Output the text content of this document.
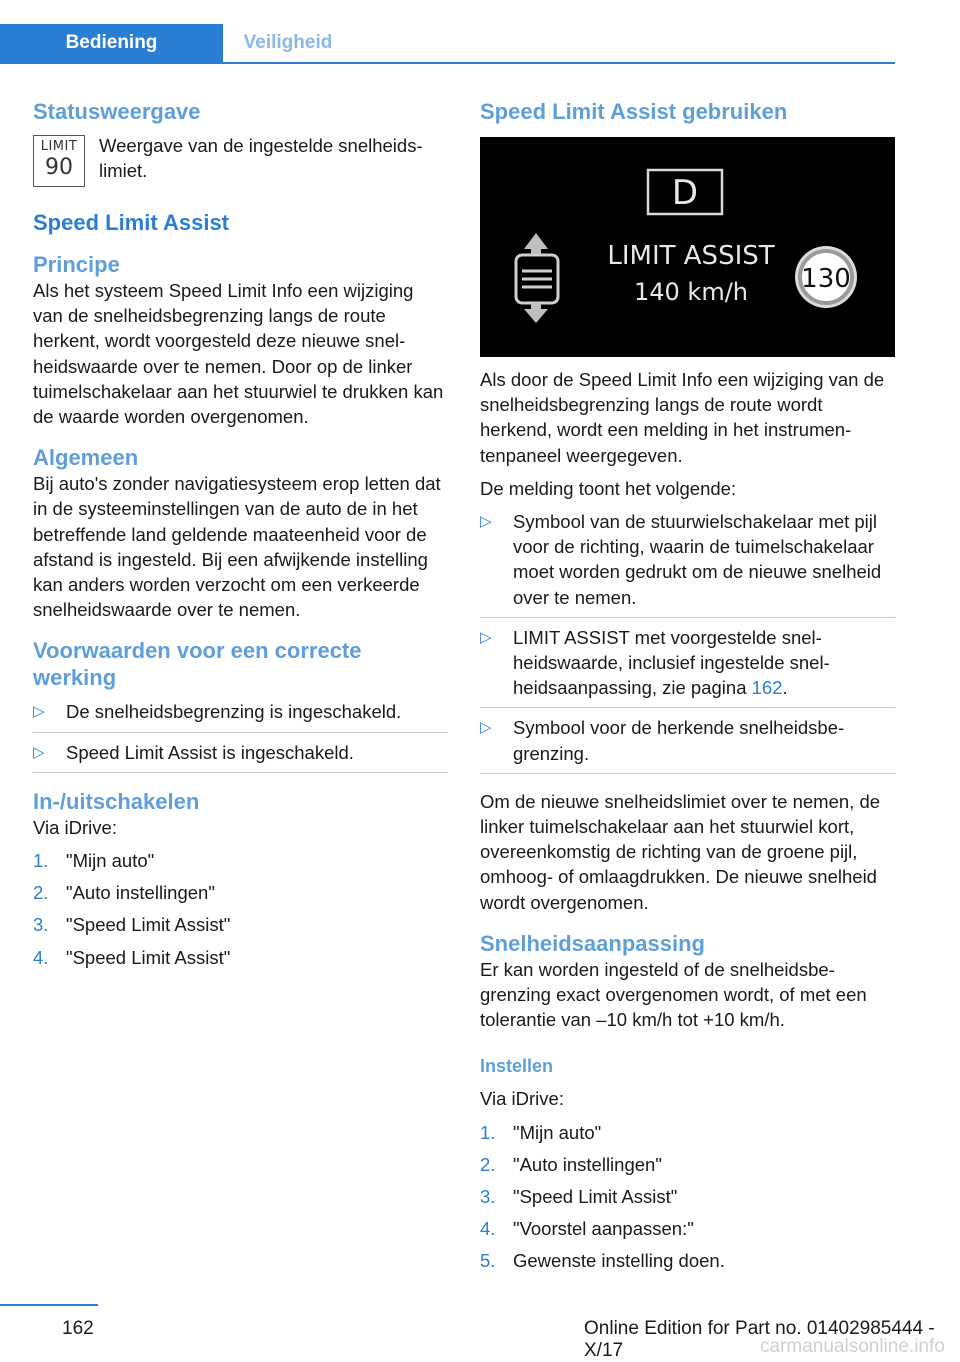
Bediening	Veiligheid
Statusweergave
LIMIT
90

Weergave van de ingestelde snelheidslimiet.

Speed Limit Assist
Principe

Als het systeem Speed Limit Info een wijziging van de snelheidsbegrenzing langs de route herkent, wordt voorgesteld deze nieuwe snelheidswaarde over te nemen. Door op de linker tuimelschakelaar aan het stuurwiel te drukken kan de waarde worden overgenomen.

Algemeen

Bij auto's zonder navigatiesysteem erop letten dat in de systeeminstellingen van de auto de in het betreffende land geldende maateenheid voor de afstand is ingesteld. Bij een afwijkende instelling kan anders worden verzocht om een verkeerde snelheidswaarde over te nemen.

Voorwaarden voor een correcte werking
▷ De snelheidsbegrenzing is ingeschakeld.
▷ Speed Limit Assist is ingeschakeld.
In-/uitschakelen

Via iDrive:

1. "Mijn auto"
2. "Auto instellingen"
3. "Speed Limit Assist"
4. "Speed Limit Assist"
Speed Limit Assist gebruiken
D
LIMIT ASSIST
140 km/h 130

Als door de Speed Limit Info een wijziging van de snelheidsbegrenzing langs de route wordt herkend, wordt een melding in het instrumentenpaneel weergegeven.

De melding toont het volgende:

▷ Symbool van de stuurwielschakelaar met pijl voor de richting, waarin de tuimelschakelaar moet worden gedrukt om de nieuwe snelheid over te nemen.
▷ LIMIT ASSIST met voorgestelde snelheidswaarde, inclusief ingestelde snelheidsaanpassing, zie pagina 162.
▷ Symbool voor de herkende snelheidsbegrenzing.

Om de nieuwe snelheidslimiet over te nemen, de linker tuimelschakelaar aan het stuurwiel kort, overeenkomstig de richting van de groene pijl, omhoog- of omlaagdrukken. De nieuwe snelheid wordt overgenomen.

Snelheidsaanpassing

Er kan worden ingesteld of de snelheidsbegrenzing exact overgenomen wordt, of met een tolerantie van –10 km/h tot +10 km/h.

Instellen

Via iDrive:

1. "Mijn auto"
2. "Auto instellingen"
3. "Speed Limit Assist"
4. "Voorstel aanpassen:"
5. Gewenste instelling doen.
162	Online Edition for Part no. 01402985444 - X/17	carmanualsonline.info
